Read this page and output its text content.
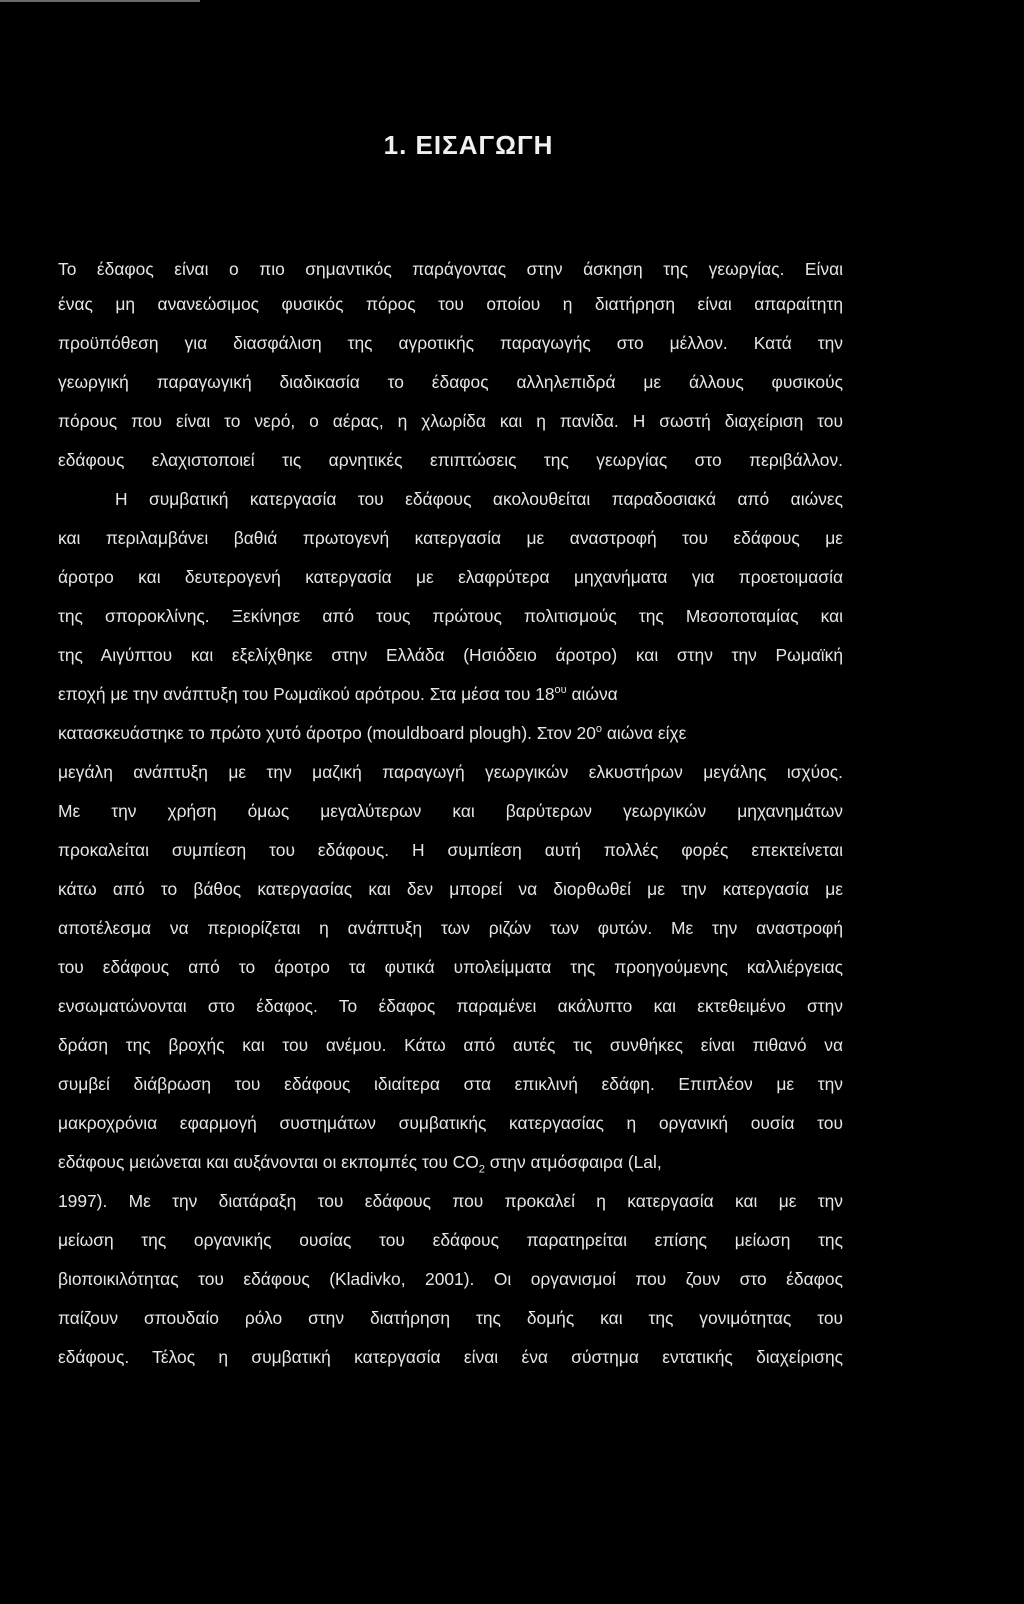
1. ΕΙΣΑΓΩΓΗ
Το έδαφος είναι ο πιο σημαντικός παράγοντας στην άσκηση της γεωργίας. Είναι
ένας μη ανανεώσιμος φυσικός πόρος του οποίου η διατήρηση είναι απαραίτητη
προϋπόθεση για διασφάλιση της αγροτικής παραγωγής στο μέλλον. Κατά την
γεωργική παραγωγική διαδικασία το έδαφος αλληλεπιδρά με άλλους φυσικούς
πόρους που είναι το νερό, ο αέρας, η χλωρίδα και η πανίδα. Η σωστή διαχείριση του
εδάφους ελαχιστοποιεί τις αρνητικές επιπτώσεις της γεωργίας στο περιβάλλον.
Η συμβατική κατεργασία του εδάφους ακολουθείται παραδοσιακά από αιώνες
και περιλαμβάνει βαθιά πρωτογενή κατεργασία με αναστροφή του εδάφους με
άροτρο και δευτερογενή κατεργασία με ελαφρύτερα μηχανήματα για προετοιμασία
της σποροκλίνης. Ξεκίνησε από τους πρώτους πολιτισμούς της Μεσοποταμίας και
της Αιγύπτου και εξελίχθηκε στην Ελλάδα (Ησιόδειο άροτρο) και στην την Ρωμαϊκή
εποχή με την ανάπτυξη του Ρωμαϊκού αρότρου. Στα μέσα του $18^{o\upsilon}$ αιώνα
κατασκευάστηκε το πρώτο χυτό άροτρο (mouldboard plough). Στον $20^o$ αιώνα είχε
μεγάλη ανάπτυξη με την μαζική παραγωγή γεωργικών ελκυστήρων μεγάλης ισχύος.
Με την χρήση όμως μεγαλύτερων και βαρύτερων γεωργικών μηχανημάτων
προκαλείται συμπίεση του εδάφους. Η συμπίεση αυτή πολλές φορές επεκτείνεται
κάτω από το βάθος κατεργασίας και δεν μπορεί να διορθωθεί με την κατεργασία με
αποτέλεσμα να περιορίζεται η ανάπτυξη των ριζών των φυτών. Με την αναστροφή
του εδάφους από το άροτρο τα φυτικά υπολείμματα της προηγούμενης καλλιέργειας
ενσωματώνονται στο έδαφος. Το έδαφος παραμένει ακάλυπτο και εκτεθειμένο στην
δράση της βροχής και του ανέμου. Κάτω από αυτές τις συνθήκες είναι πιθανό να
συμβεί διάβρωση του εδάφους ιδιαίτερα στα επικλινή εδάφη. Επιπλέον με την
μακροχρόνια εφαρμογή συστημάτων συμβατικής κατεργασίας η οργανική ουσία του
εδάφους μειώνεται και αυξάνονται οι εκπομπές του $CO_2$ στην ατμόσφαιρα (Lal,
1997). Με την διατάραξη του εδάφους που προκαλεί η κατεργασία και με την
μείωση της οργανικής ουσίας του εδάφους παρατηρείται επίσης μείωση της
βιοποικιλότητας του εδάφους (Kladivko, 2001). Οι οργανισμοί που ζουν στο έδαφος
παίζουν σπουδαίο ρόλο στην διατήρηση της δομής και της γονιμότητας του
εδάφους. Τέλος η συμβατική κατεργασία είναι ένα σύστημα εντατικής διαχείρισης
